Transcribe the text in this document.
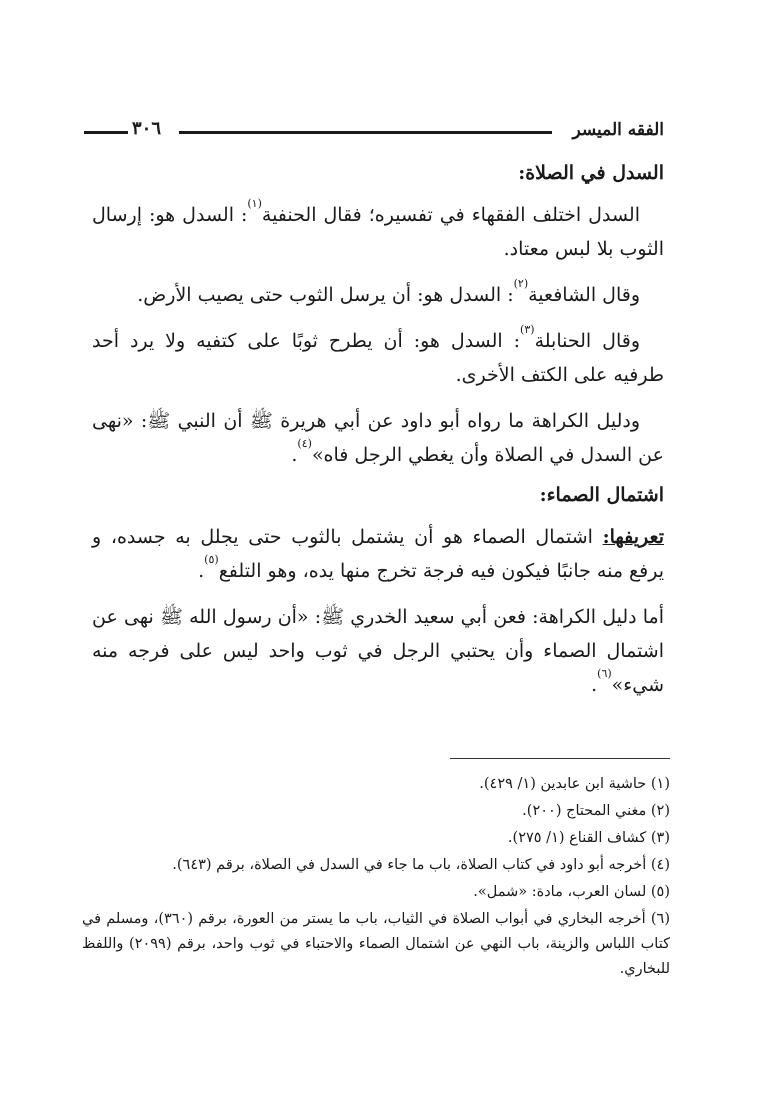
الفقه الميسر
٣٠٦
السدل في الصلاة:

السدل اختلف الفقهاء في تفسيره؛ فقال الحنفية$^{(١)}$: السدل هو: إرسال الثوب بلا لبس معتاد.

وقال الشافعية$^{(٢)}$: السدل هو: أن يرسل الثوب حتى يصيب الأرض.

وقال الحنابلة$^{(٣)}$: السدل هو: أن يطرح ثوبًا على كتفيه ولا يرد أحد طرفيه على الكتف الأخرى.

ودليل الكراهة ما رواه أبو داود عن أبي هريرة ﷺ أن النبي ﷺ: «نهى عن السدل في الصلاة وأن يغطي الرجل فاه»$^{(٤)}$.

اشتمال الصماء:

تعريفها: اشتمال الصماء هو أن يشتمل بالثوب حتى يجلل به جسده، و يرفع منه جانبًا فيكون فيه فرجة تخرج منها يده، وهو التلفع$^{(٥)}$.

أما دليل الكراهة: فعن أبي سعيد الخدري ﷺ: «أن رسول الله ﷺ نهى عن اشتمال الصماء وأن يحتبي الرجل في ثوب واحد ليس على فرجه منه شيء»$^{(٦)}$.

(١) حاشية ابن عابدين (١/ ٤٢٩).
(٢) مغني المحتاج (٢٠٠).
(٣) كشاف القناع (١/ ٢٧٥).
(٤) أخرجه أبو داود في كتاب الصلاة، باب ما جاء في السدل في الصلاة، برقم (٦٤٣).
(٥) لسان العرب، مادة: «شمل».
(٦) أخرجه البخاري في أبواب الصلاة في الثياب، باب ما يستر من العورة، برقم (٣٦٠)، ومسلم في كتاب اللباس والزينة، باب النهي عن اشتمال الصماء والاحتباء في ثوب واحد، برقم (٢٠٩٩) واللفظ للبخاري.
